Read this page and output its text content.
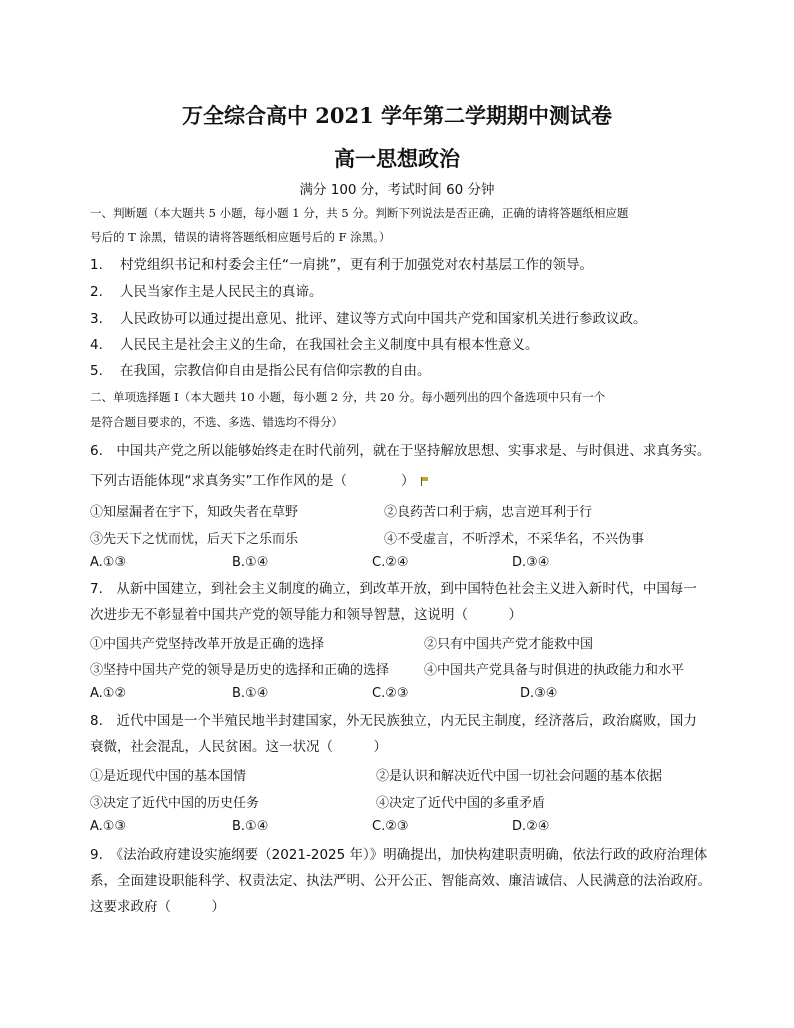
万全综合高中 2021 学年第二学期期中测试卷
高一思想政治
满分 100 分，考试时间 60 分钟
一、判断题（本大题共 5 小题，每小题 1 分，共 5 分。判断下列说法是否正确，正确的请将答题纸相应题
号后的 T 涂黑，错误的请将答题纸相应题号后的 F 涂黑。）
1. 村党组织书记和村委会主任“一肩挑”，更有利于加强党对农村基层工作的领导。
2. 人民当家作主是人民民主的真谛。
3. 人民政协可以通过提出意见、批评、建议等方式向中国共产党和国家机关进行参政议政。
4. 人民民主是社会主义的生命，在我国社会主义制度中具有根本性意义。
5. 在我国，宗教信仰自由是指公民有信仰宗教的自由。
二、单项选择题 Ⅰ（本大题共 10 小题，每小题 2 分，共 20 分。每小题列出的四个备选项中只有一个
是符合题目要求的，不选、多选、错选均不得分）
6.　中国共产党之所以能够始终走在时代前列，就在于坚持解放思想、实事求是、与时俱进、求真务实。
下列古语能体现“求真务实”工作作风的是（　　　　）
①知屋漏者在宇下，知政失者在草野	②良药苦口利于病，忠言逆耳利于行
③先天下之忧而忧，后天下之乐而乐	④不受虚言，不听浮术，不采华名，不兴伪事
A.①③	B.①④	C.②④	D.③④
7.　从新中国建立，到社会主义制度的确立，到改革开放，到中国特色社会主义进入新时代，中国每一
次进步无不彰显着中国共产党的领导能力和领导智慧，这说明（　　　）
①中国共产党坚持改革开放是正确的选择	②只有中国共产党才能救中国
③坚持中国共产党的领导是历史的选择和正确的选择	④中国共产党具备与时俱进的执政能力和水平
A.①②	B.①④	C.②③	D.③④
8.　近代中国是一个半殖民地半封建国家，外无民族独立，内无民主制度，经济落后，政治腐败，国力
衰微，社会混乱，人民贫困。这一状况（　　　）
①是近现代中国的基本国情	②是认识和解决近代中国一切社会问题的基本依据
③决定了近代中国的历史任务	④决定了近代中国的多重矛盾
A.①③	B.①④	C.②③	D.②④
9.　《法治政府建设实施纲要（2021-2025 年）》明确提出，加快构建职责明确，依法行政的政府治理体
系，全面建设职能科学、权责法定、执法严明、公开公正、智能高效、廉洁诚信、人民满意的法治政府。
这要求政府（　　　）
